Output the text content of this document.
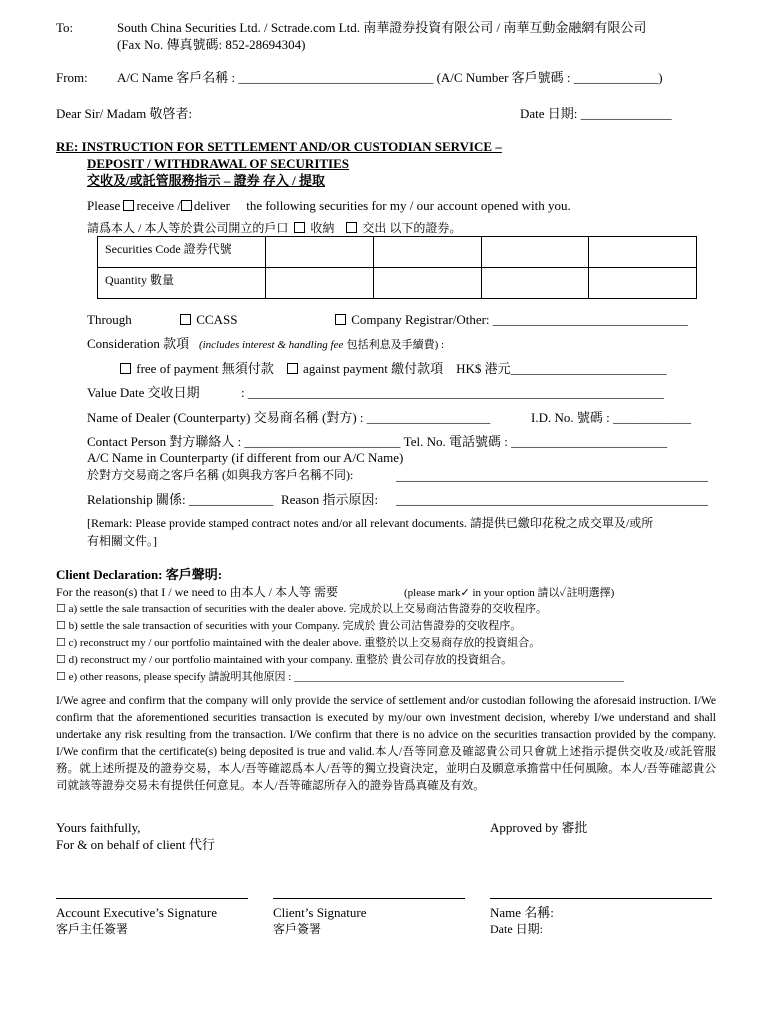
To:	South China Securities Ltd. / Sctrade.com Ltd. 南華證券投資有限公司 / 南華互動金融網有限公司
(Fax No. 傳真號碼: 852-28694304)
From: A/C Name 客戶名稱 : ______________________________ (A/C Number 客戶號碼 : _____________)
Dear Sir/ Madam 敬啓者:	Date 日期: ______________
RE: INSTRUCTION FOR SETTLEMENT AND/OR CUSTODIAN SERVICE –
DEPOSIT / WITHDRAWAL OF SECURITIES
交收及/或託管服務指示 – 證券 存入 / 提取
Please receive / deliver the following securities for my / our account opened with you.
請爲本人 / 本人等於貴公司開立的戶口 收納 交出 以下的證券。
Securities Code 證券代號				
Quantity 數量				
Through	CCASS	Company Registrar/Other: ______________________________
Consideration 款項 (includes interest & handling fee 包括利息及手續費) :
free of payment 無須付款 against payment 繳付款項 HK$ 港元________________________
Value Date 交收日期	: ________________________________________________________________
Name of Dealer (Counterparty) 交易商名稱 (對方) : ___________________	I.D. No. 號碼 : ____________
Contact Person 對方聯絡人 : ________________________ Tel. No. 電話號碼 : ________________________
A/C Name in Counterparty (if different from our A/C Name)
於對方交易商之客戶名稱 (如與我方客戶名稱不同):	________________________________________________
Relationship 關係: _____________ Reason 指示原因: ________________________________________________
[Remark: Please provide stamped contract notes and/or all relevant documents. 請提供已繳印花稅之成交單及/或所
有相關文件。]
Client Declaration: 客戶聲明:
For the reason(s) that I / we need to 由本人 / 本人等 需要	(please mark✓ in your option 請以✓註明選擇)
☐ a) settle the sale transaction of securities with the dealer above. 完成於以上交易商沽售證券的交收程序。
☐ b) settle the sale transaction of securities with your Company. 完成於 貴公司沽售證券的交收程序。
☐ c) reconstruct my / our portfolio maintained with the dealer above. 重整於以上交易商存放的投資組合。
☐ d) reconstruct my / our portfolio maintained with your company. 重整於 貴公司存放的投資組合。
☐ e) other reasons, please specify 請說明其他原因 : ____________________________________________________________
I/We agree and confirm that the company will only provide the service of settlement and/or custodian following the aforesaid instruction. I/We confirm that the aforementioned securities transaction is executed by my/our own investment decision, whereby I/we understand and shall undertake any risk resulting from the transaction. I/We confirm that there is no advice on the securities transaction provided by the company. I/We confirm that the certificate(s) being deposited is true and valid.本人/吾等同意及確認貴公司只會就上述指示提供交收及/或託管服務。就上述所提及的證券交易，本人/吾等確認爲本人/吾等的獨立投資決定，並明白及願意承擔當中任何風險。本人/吾等確認貴公司就該等證券交易未有提供任何意見。本人/吾等確認所存入的證券皆爲真確及有效。
Yours faithfully,
For & on behalf of client 代行
Approved by 審批
Account Executive’s Signature
客戶主任簽署
Client’s Signature
客戶簽署
Name 名稱:
Date 日期:
